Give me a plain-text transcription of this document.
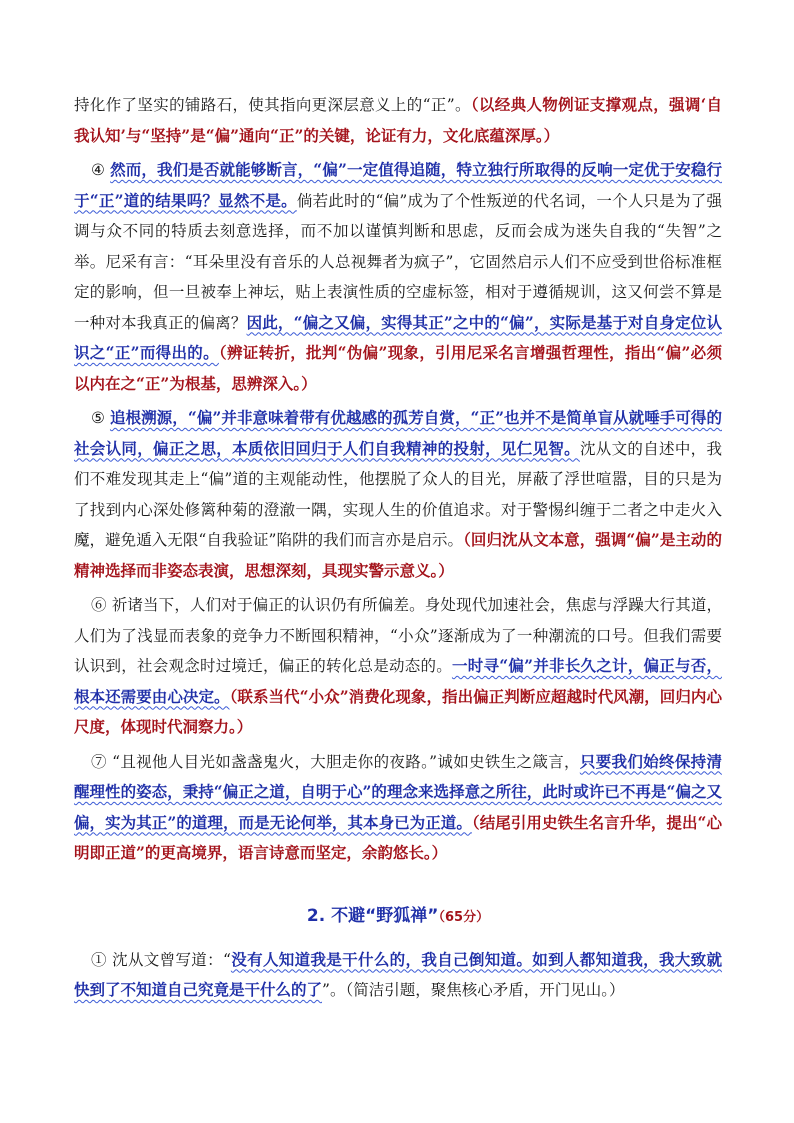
持化作了坚实的铺路石，使其指向更深层意义上的“正”。（以经典人物例证支撑观点，强调‘自我认知’与“坚持”是“偏”通向“正”的关键，论证有力，文化底蕴深厚。）

④ 然而，我们是否就能够断言，“偏”一定值得追随，特立独行所取得的反响一定优于安稳行于“正”道的结果吗？显然不是。倘若此时的“偏”成为了个性叛逆的代名词，一个人只是为了强调与众不同的特质去刻意选择，而不加以谨慎判断和思虑，反而会成为迷失自我的“失智”之举。尼采有言：“耳朵里没有音乐的人总视舞者为疯子”，它固然启示人们不应受到世俗标准框定的影响，但一旦被奉上神坛，贴上表演性质的空虚标签，相对于遵循规训，这又何尝不算是一种对本我真正的偏离？因此，“偏之又偏，实得其正”之中的“偏”，实际是基于对自身定位认识之“正”而得出的。（辨证转折，批判“伪偏”现象，引用尼采名言增强哲理性，指出“偏”必须以内在之“正”为根基，思辨深入。）

⑤ 追根溯源，“偏”并非意味着带有优越感的孤芳自赏，“正”也并不是简单盲从就唾手可得的社会认同，偏正之思，本质依旧回归于人们自我精神的投射，见仁见智。沈从文的自述中，我们不难发现其走上“偏”道的主观能动性，他摆脱了众人的目光，屏蔽了浮世喧嚣，目的只是为了找到内心深处修篱种菊的澄澈一隅，实现人生的价值追求。对于警惕纠缠于二者之中走火入魔，避免遁入无限“自我验证”陷阱的我们而言亦是启示。（回归沈从文本意，强调“偏”是主动的精神选择而非姿态表演，思想深刻，具现实警示意义。）

⑥ 祈诸当下，人们对于偏正的认识仍有所偏差。身处现代加速社会，焦虑与浮躁大行其道，人们为了浅显而表象的竞争力不断囤积精神，“小众”逐渐成为了一种潮流的口号。但我们需要认识到，社会观念时过境迁，偏正的转化总是动态的。一时寻“偏”并非长久之计，偏正与否，根本还需要由心决定。（联系当代“小众”消费化现象，指出偏正判断应超越时代风潮，回归内心尺度，体现时代洞察力。）

⑦ “且视他人目光如盏盏鬼火，大胆走你的夜路。”诚如史铁生之箴言，只要我们始终保持清醒理性的姿态，秉持“偏正之道，自明于心”的理念来选择意之所往，此时或许已不再是“偏之又偏，实为其正”的道理，而是无论何举，其本身已为正道。（结尾引用史铁生名言升华，提出“心明即正道”的更高境界，语言诗意而坚定，余韵悠长。）

2. 不避“野狐禅”（65分）

① 沈从文曾写道：“没有人知道我是干什么的，我自己倒知道。如到人都知道我，我大致就快到了不知道自己究竟是干什么的了”。（简洁引题，聚焦核心矛盾，开门见山。）
